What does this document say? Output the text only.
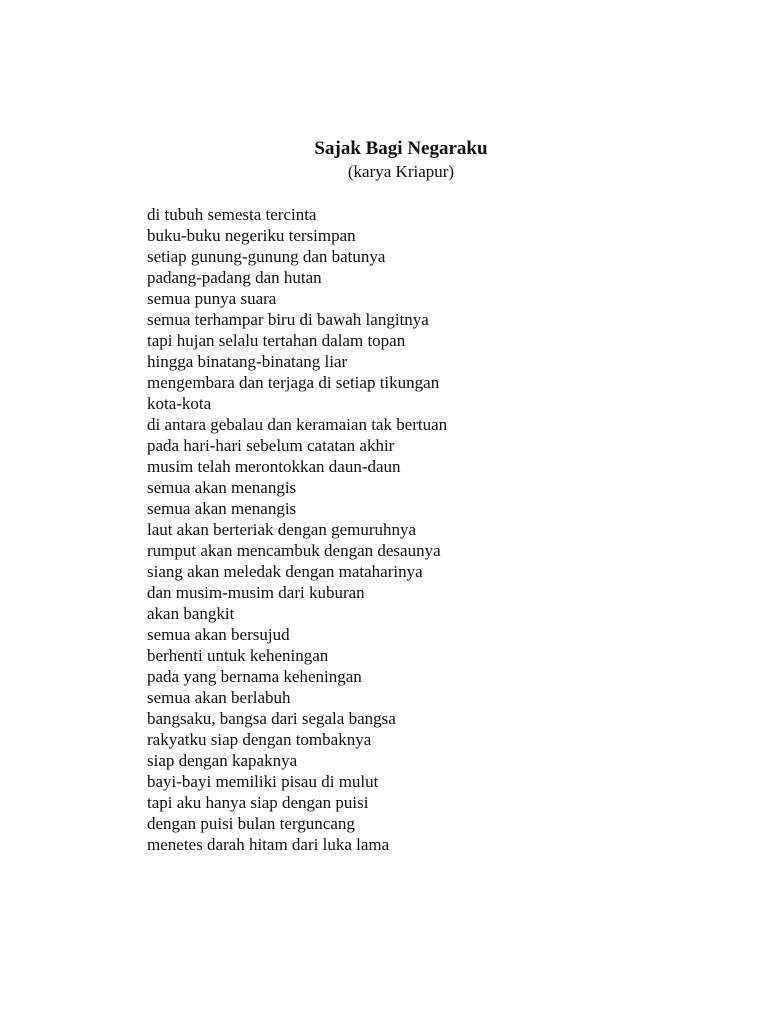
Sajak Bagi Negaraku

(karya Kriapur)

di tubuh semesta tercinta
buku-buku negeriku tersimpan
setiap gunung-gunung dan batunya
padang-padang dan hutan
semua punya suara
semua terhampar biru di bawah langitnya
tapi hujan selalu tertahan dalam topan
hingga binatang-binatang liar
mengembara dan terjaga di setiap tikungan
kota-kota
di antara gebalau dan keramaian tak bertuan
pada hari-hari sebelum catatan akhir
musim telah merontokkan daun-daun
semua akan menangis
semua akan menangis
laut akan berteriak dengan gemuruhnya
rumput akan mencambuk dengan desaunya
siang akan meledak dengan mataharinya
dan musim-musim dari kuburan
akan bangkit
semua akan bersujud
berhenti untuk keheningan
pada yang bernama keheningan
semua akan berlabuh
bangsaku, bangsa dari segala bangsa
rakyatku siap dengan tombaknya
siap dengan kapaknya
bayi-bayi memiliki pisau di mulut
tapi aku hanya siap dengan puisi
dengan puisi bulan terguncang
menetes darah hitam dari luka lama
